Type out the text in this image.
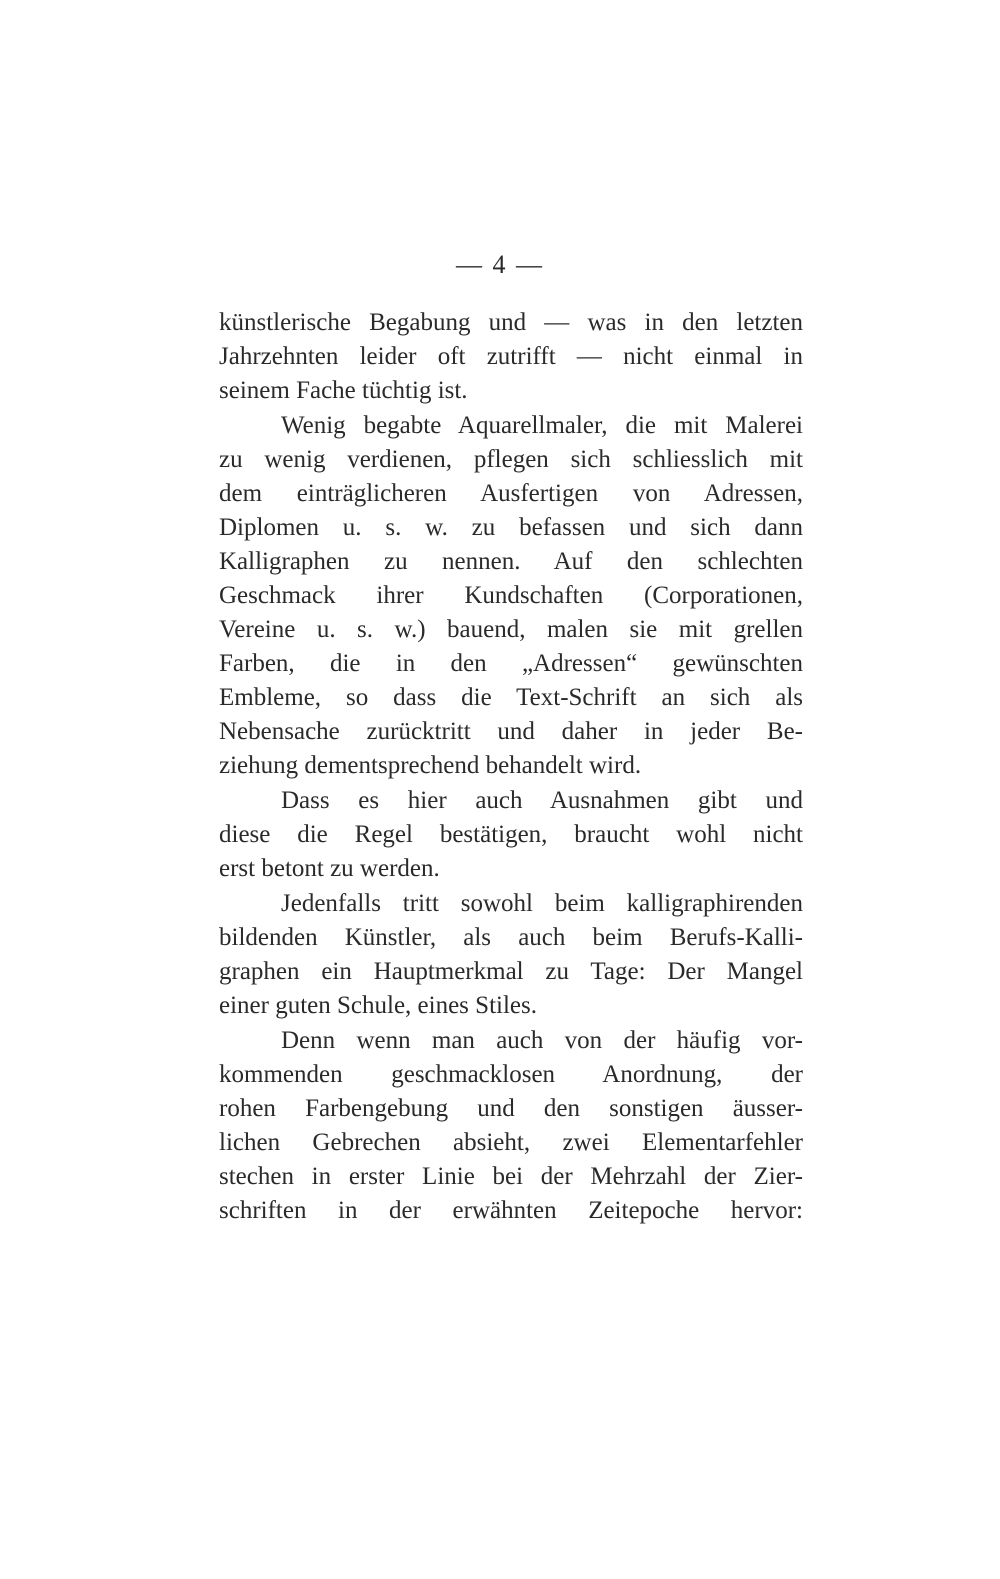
— 4 —
künstlerische Begabung und — was in den letzten
Jahrzehnten leider oft zutrifft — nicht einmal in
seinem Fache tüchtig ist.
Wenig begabte Aquarellmaler, die mit Malerei
zu wenig verdienen, pflegen sich schliesslich mit
dem einträglicheren Ausfertigen von Adressen,
Diplomen u. s. w. zu befassen und sich dann
Kalligraphen zu nennen. Auf den schlechten
Geschmack ihrer Kundschaften (Corporationen,
Vereine u. s. w.) bauend, malen sie mit grellen
Farben, die in den „Adressen“ gewünschten
Embleme, so dass die Text-Schrift an sich als
Nebensache zurücktritt und daher in jeder Be-
ziehung dementsprechend behandelt wird.
Dass es hier auch Ausnahmen gibt und
diese die Regel bestätigen, braucht wohl nicht
erst betont zu werden.
Jedenfalls tritt sowohl beim kalligraphirenden
bildenden Künstler, als auch beim Berufs-Kalli-
graphen ein Hauptmerkmal zu Tage: Der Mangel
einer guten Schule, eines Stiles.
Denn wenn man auch von der häufig vor-
kommenden geschmacklosen Anordnung, der
rohen Farbengebung und den sonstigen äusser-
lichen Gebrechen absieht, zwei Elementarfehler
stechen in erster Linie bei der Mehrzahl der Zier-
schriften in der erwähnten Zeitepoche hervor:
